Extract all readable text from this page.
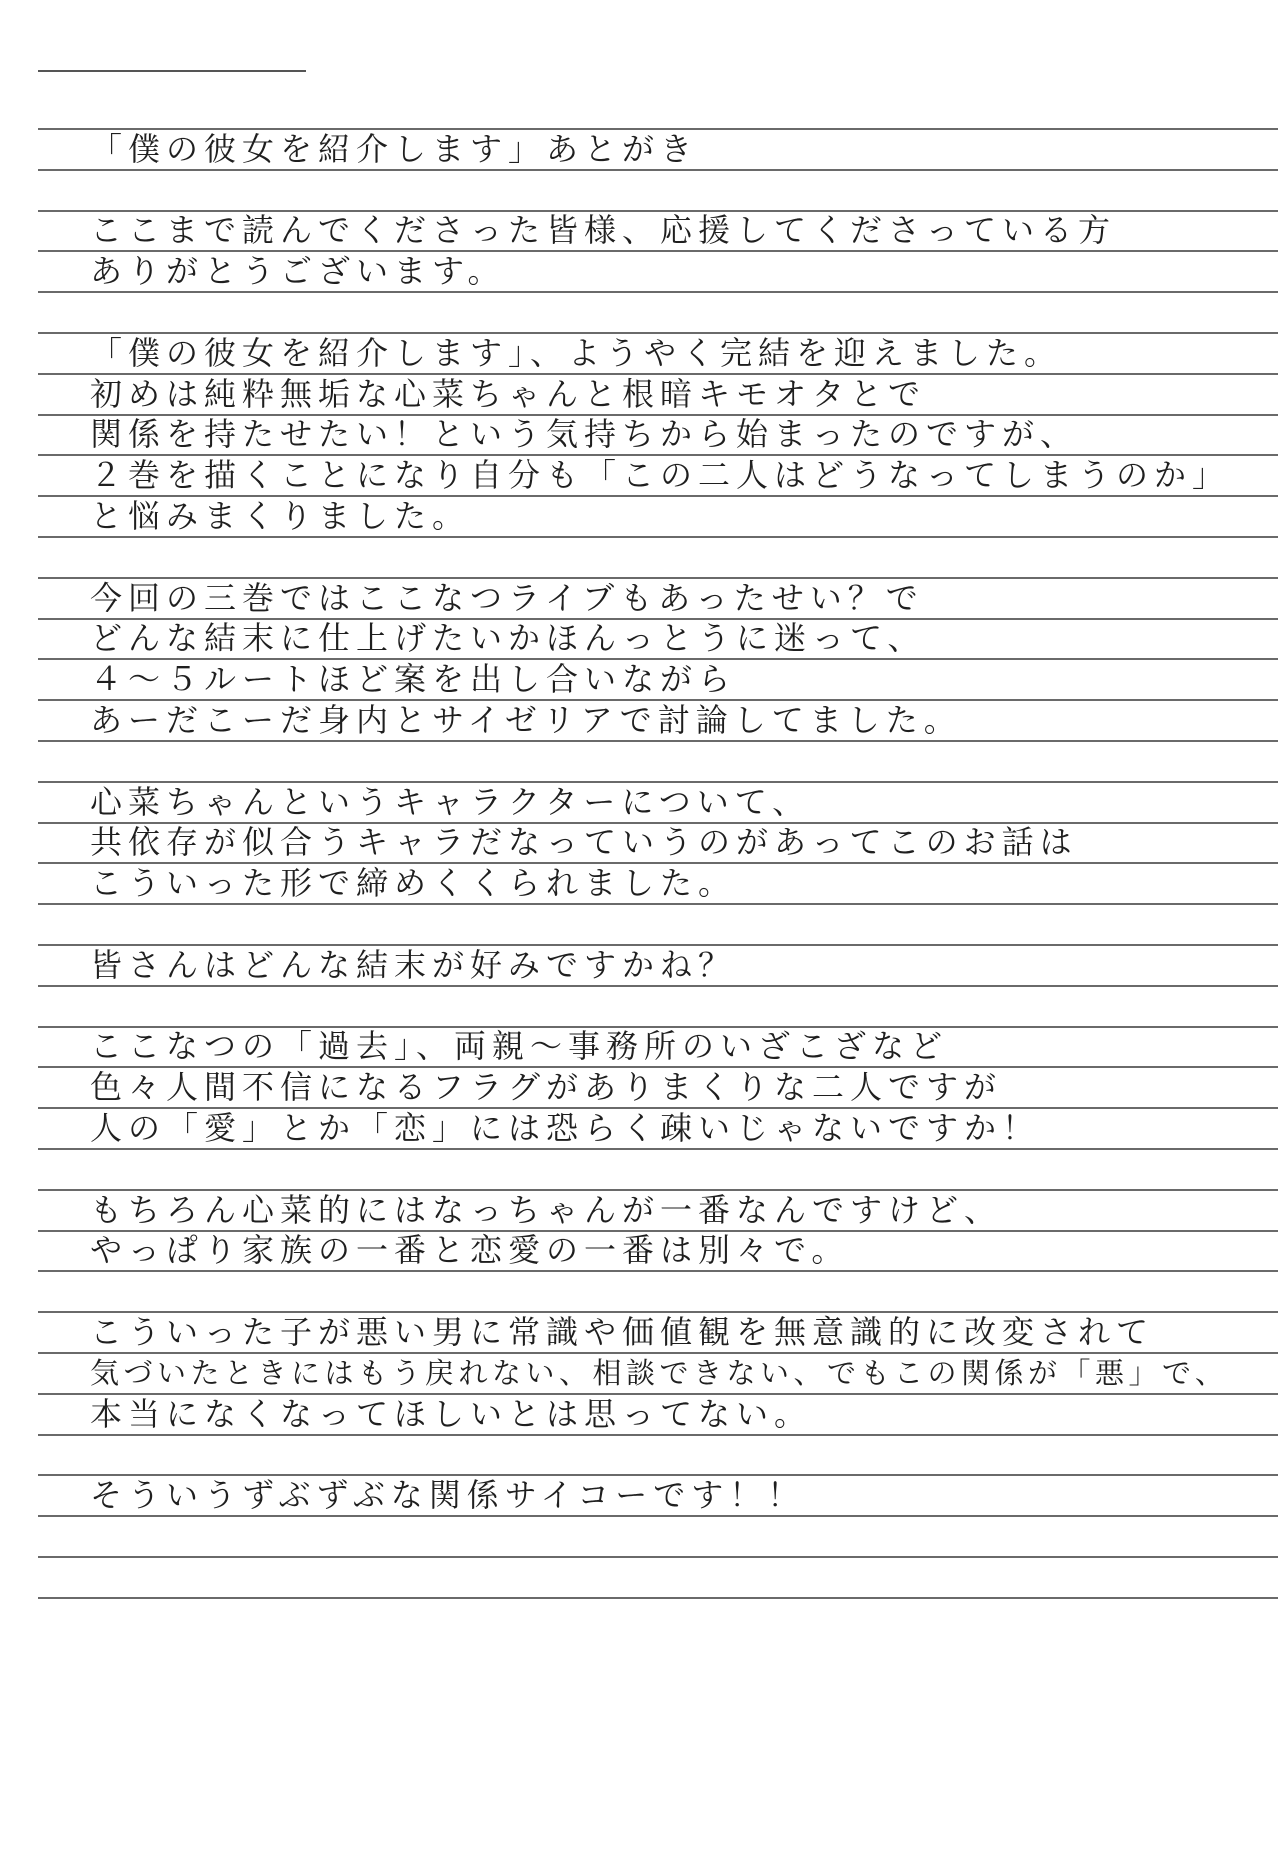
「僕の彼女を紹介します」あとがき
ここまで読んでくださった皆様、応援してくださっている方
ありがとうございます。
「僕の彼女を紹介します」、ようやく完結を迎えました。
初めは純粋無垢な心菜ちゃんと根暗キモオタとで
関係を持たせたい！という気持ちから始まったのですが、
２巻を描くことになり自分も「この二人はどうなってしまうのか」
と悩みまくりました。
今回の三巻ではここなつライブもあったせい？で
どんな結末に仕上げたいかほんっとうに迷って、
４～５ルートほど案を出し合いながら
あーだこーだ身内とサイゼリアで討論してました。
心菜ちゃんというキャラクターについて、
共依存が似合うキャラだなっていうのがあってこのお話は
こういった形で締めくくられました。
皆さんはどんな結末が好みですかね？
ここなつの「過去」、両親～事務所のいざこざなど
色々人間不信になるフラグがありまくりな二人ですが
人の「愛」とか「恋」には恐らく疎いじゃないですか！
もちろん心菜的にはなっちゃんが一番なんですけど、
やっぱり家族の一番と恋愛の一番は別々で。
こういった子が悪い男に常識や価値観を無意識的に改変されて
気づいたときにはもう戻れない、相談できない、でもこの関係が「悪」で、
本当になくなってほしいとは思ってない。
そういうずぶずぶな関係サイコーです！！
